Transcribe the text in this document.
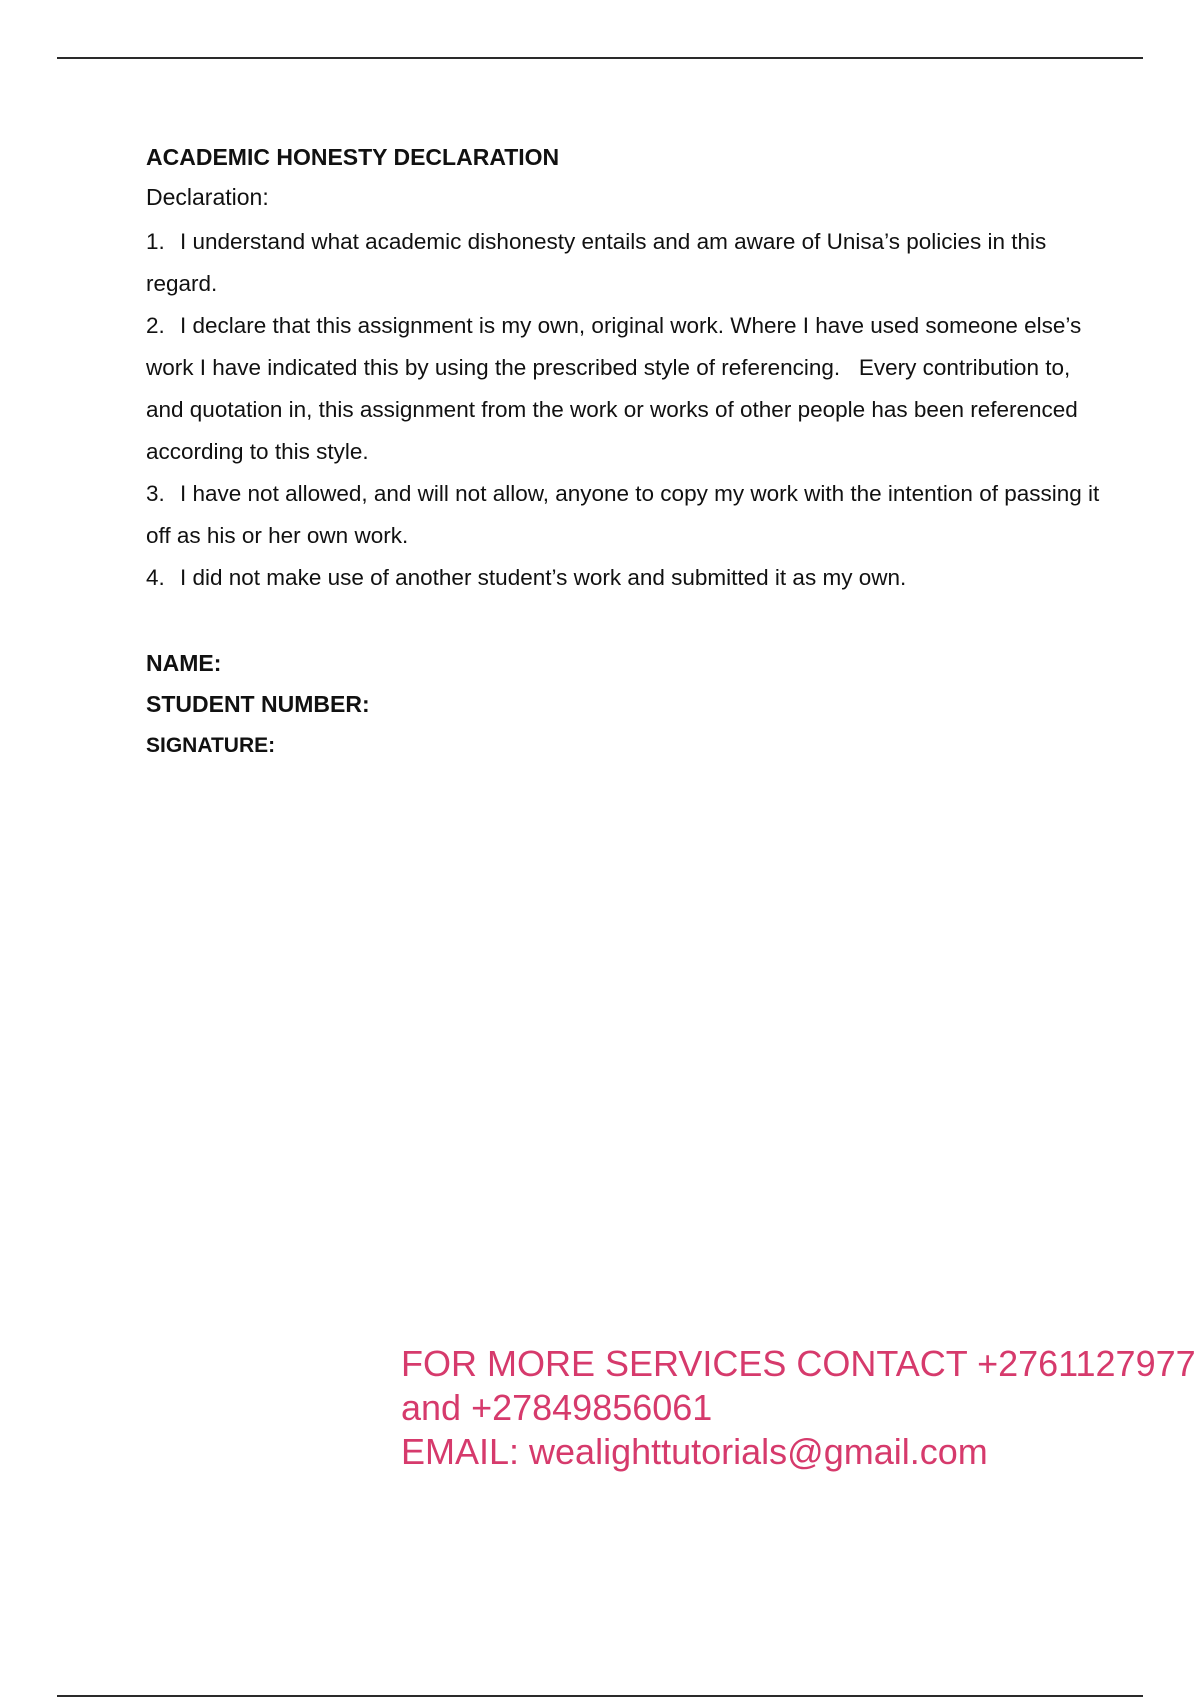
ACADEMIC HONESTY DECLARATION
Declaration:

1. I understand what academic dishonesty entails and am aware of Unisa’s policies in this regard.

2. I declare that this assignment is my own, original work. Where I have used someone else’s work I have indicated this by using the prescribed style of referencing.   Every contribution to, and quotation in, this assignment from the work or works of other people has been referenced according to this style.

3. I have not allowed, and will not allow, anyone to copy my work with the intention of passing it off as his or her own work.

4. I did not make use of another student’s work and submitted it as my own.

NAME:
STUDENT NUMBER:
SIGNATURE:
FOR MORE SERVICES CONTACT +2761127977
and +27849856061
EMAIL: wealighttutorials@gmail.com
